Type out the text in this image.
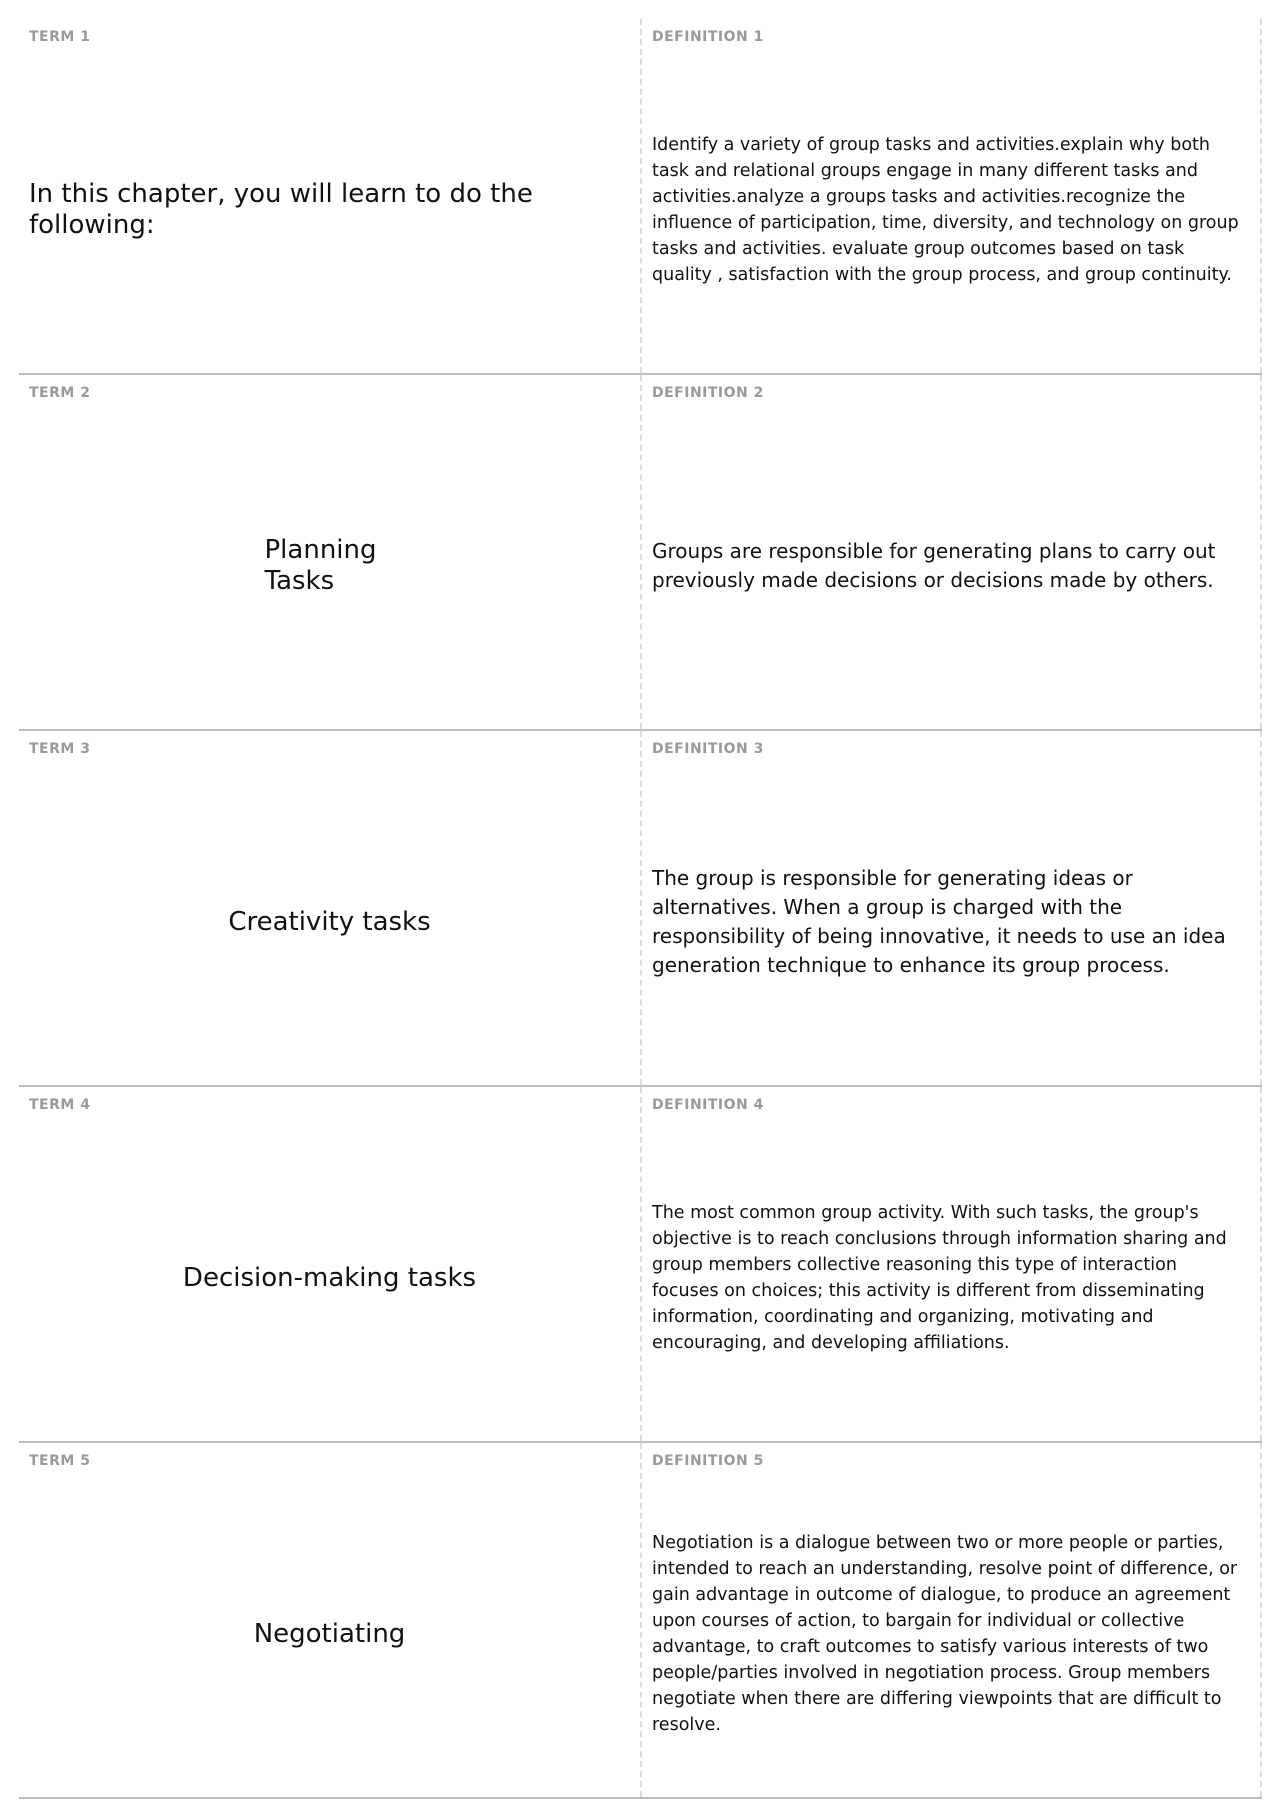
TERM 1
In this chapter, you will learn to do the following:
DEFINITION 1
Identify a variety of group tasks and activities.explain why both task and relational groups engage in many different tasks and activities.analyze a groups tasks and activities.recognize the influence of participation, time, diversity, and technology on group tasks and activities. evaluate group outcomes based on task quality , satisfaction with the group process, and group continuity.
TERM 2
Planning Tasks
DEFINITION 2
Groups are responsible for generating plans to carry out previously made decisions or decisions made by others.
TERM 3
Creativity tasks
DEFINITION 3
The group is responsible for generating ideas or alternatives. When a group is charged with the responsibility of being innovative, it needs to use an idea generation technique to enhance its group process.
TERM 4
Decision-making tasks
DEFINITION 4
The most common group activity. With such tasks, the group's objective is to reach conclusions through information sharing and group members collective reasoning this type of interaction focuses on choices; this activity is different from disseminating information, coordinating and organizing, motivating and encouraging, and developing affiliations.
TERM 5
Negotiating
DEFINITION 5
Negotiation is a dialogue between two or more people or parties, intended to reach an understanding, resolve point of difference, or gain advantage in outcome of dialogue, to produce an agreement upon courses of action, to bargain for individual or collective advantage, to craft outcomes to satisfy various interests of two people/parties involved in negotiation process. Group members negotiate when there are differing viewpoints that are difficult to resolve.
